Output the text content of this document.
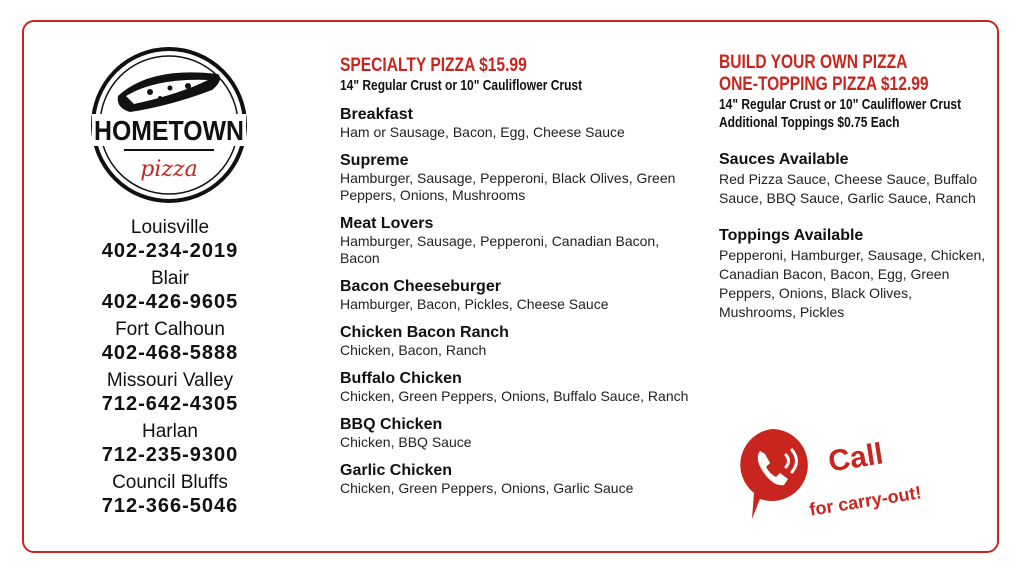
HOMETOWN
pizza
Louisville
402-234-2019
Blair
402-426-9605
Fort Calhoun
402-468-5888
Missouri Valley
712-642-4305
Harlan
712-235-9300
Council Bluffs
712-366-5046
SPECIALTY PIZZA $15.99
14" Regular Crust or 10" Cauliflower Crust
Breakfast
Ham or Sausage, Bacon, Egg, Cheese Sauce
Supreme
Hamburger, Sausage, Pepperoni, Black Olives, Green Peppers, Onions, Mushrooms
Meat Lovers
Hamburger, Sausage, Pepperoni, Canadian Bacon, Bacon
Bacon Cheeseburger
Hamburger, Bacon, Pickles, Cheese Sauce
Chicken Bacon Ranch
Chicken, Bacon, Ranch
Buffalo Chicken
Chicken, Green Peppers, Onions, Buffalo Sauce, Ranch
BBQ Chicken
Chicken, BBQ Sauce
Garlic Chicken
Chicken, Green Peppers, Onions, Garlic Sauce
BUILD YOUR OWN PIZZA
ONE-TOPPING PIZZA $12.99
14" Regular Crust or 10" Cauliflower Crust
Additional Toppings $0.75 Each
Sauces Available
Red Pizza Sauce, Cheese Sauce, Buffalo Sauce, BBQ Sauce, Garlic Sauce, Ranch
Toppings Available
Pepperoni, Hamburger, Sausage, Chicken, Canadian Bacon, Bacon, Egg, Green Peppers, Onions, Black Olives, Mushrooms, Pickles
Call
for carry-out!
